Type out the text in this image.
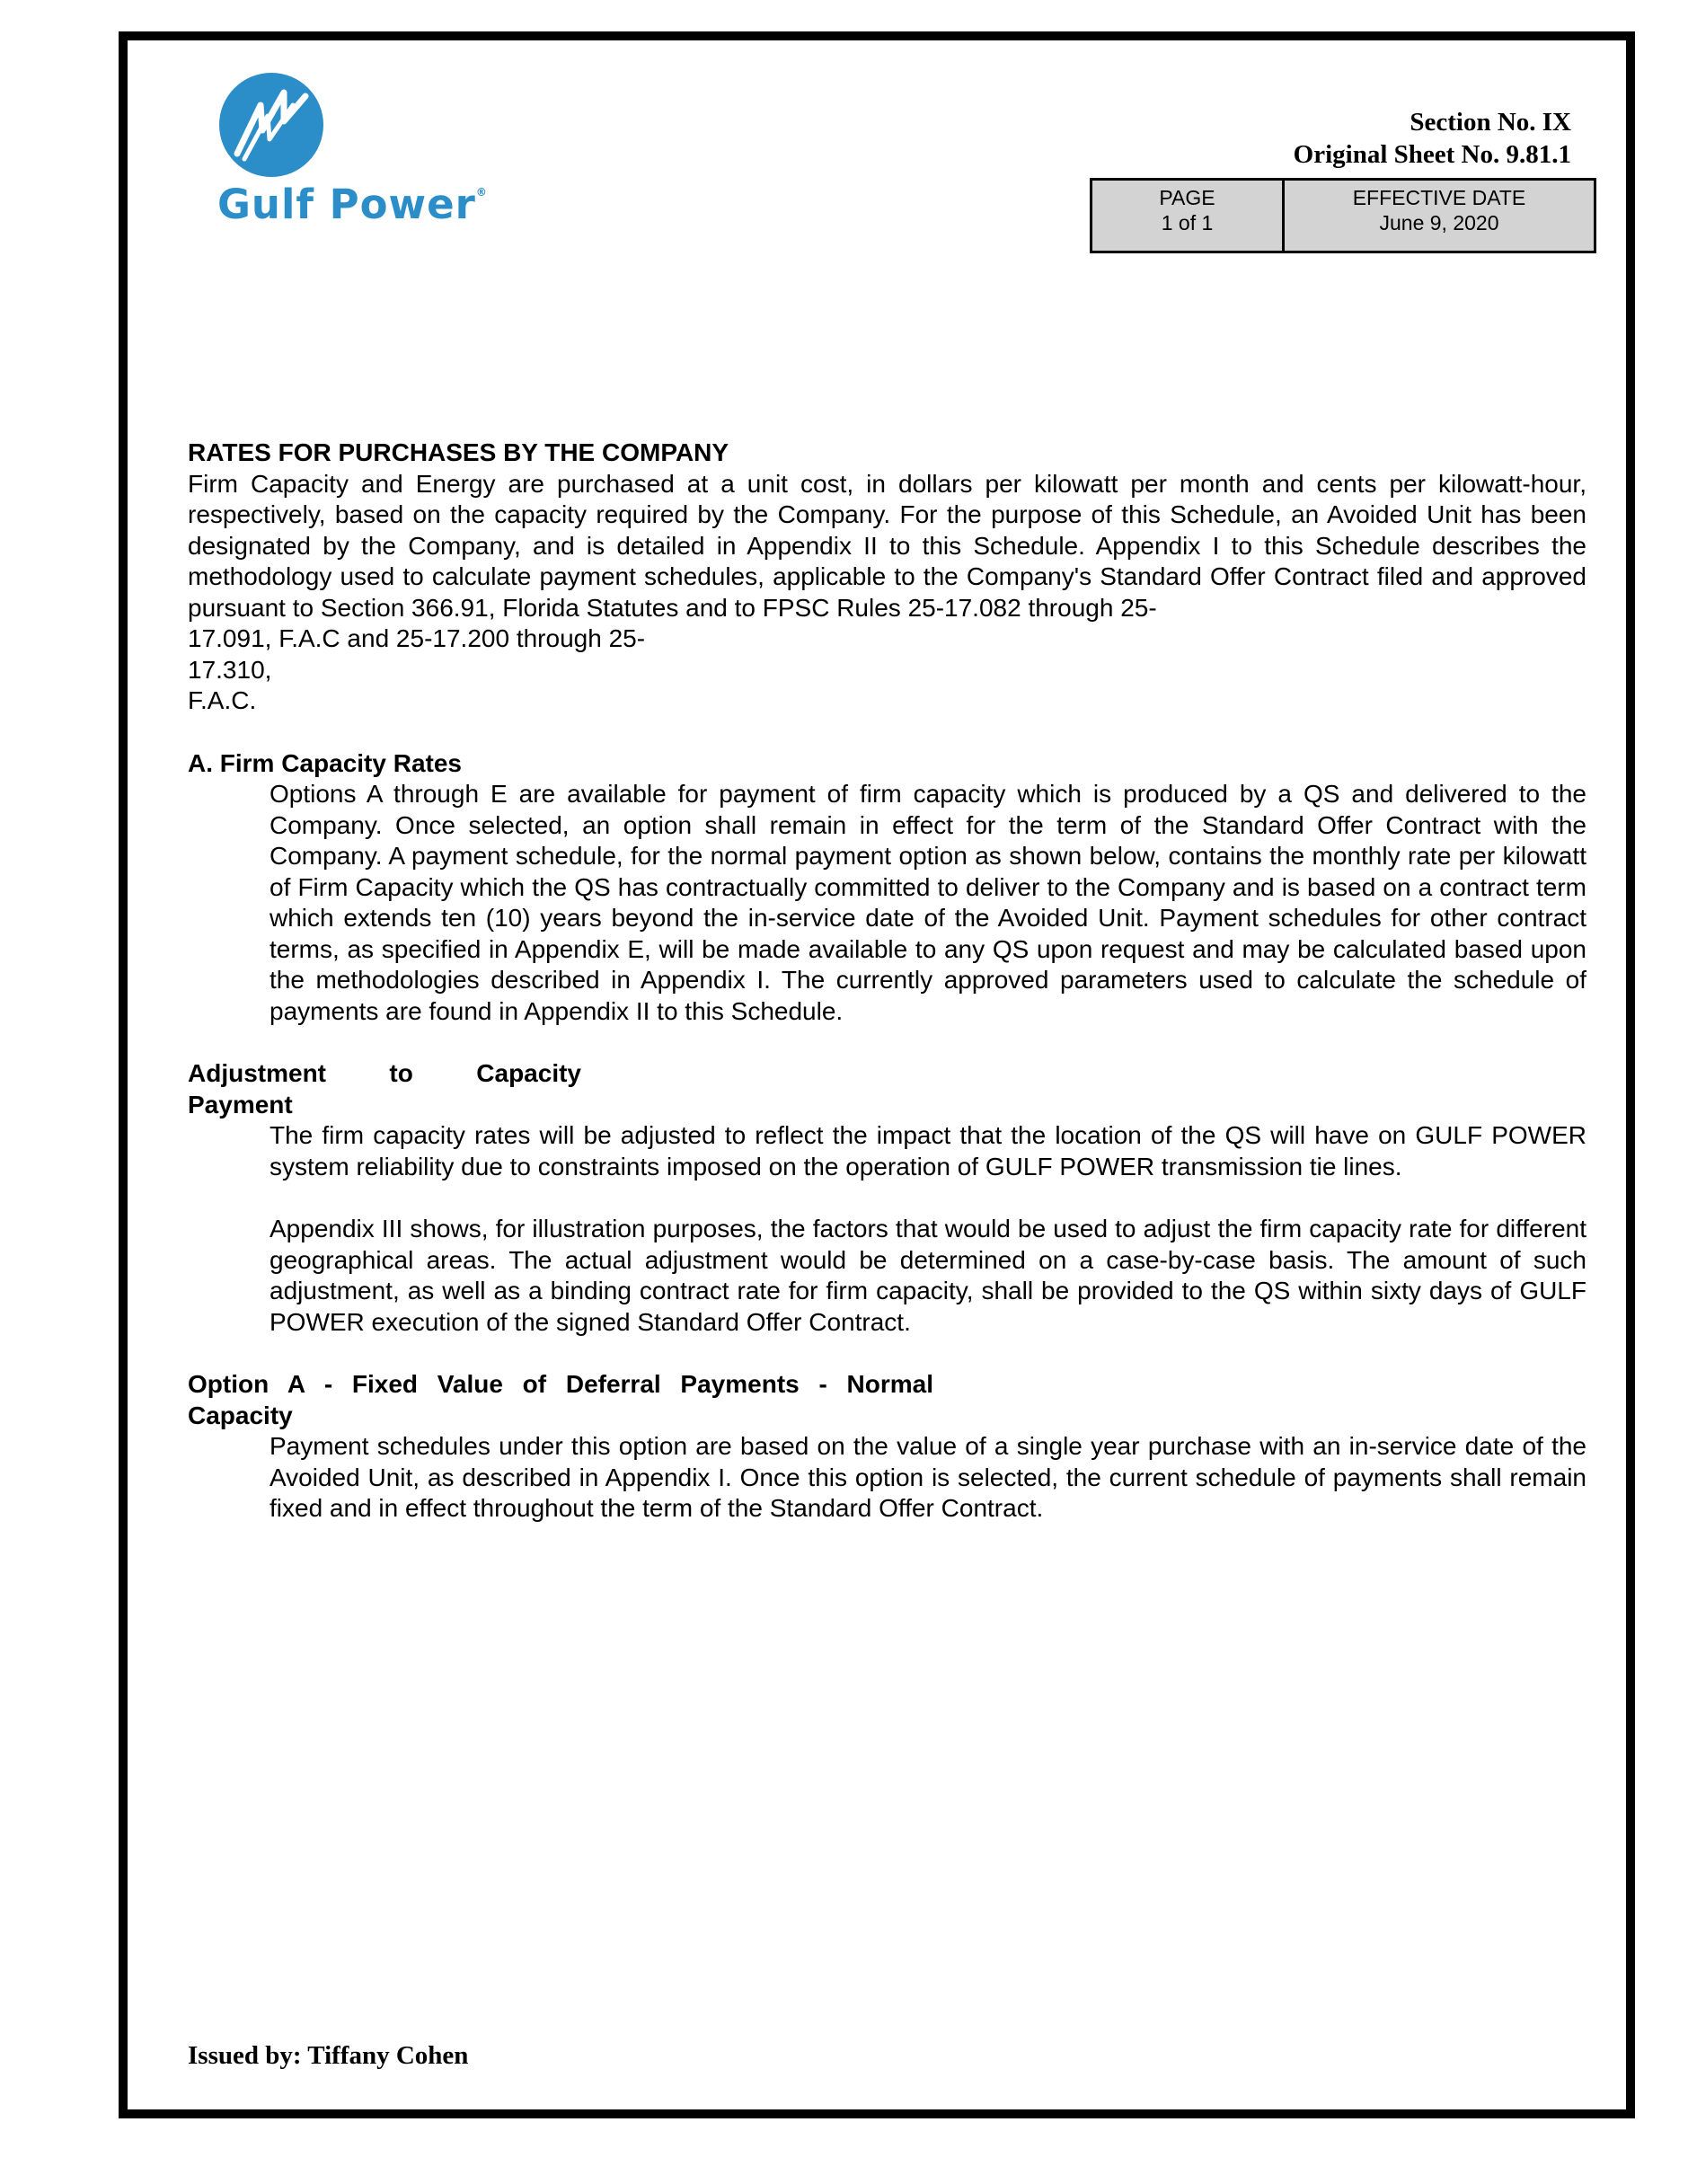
Gulf Power®
Section No. IX
Original Sheet No. 9.81.1
PAGE
1 of 1
EFFECTIVE DATE
June 9, 2020

RATES FOR PURCHASES BY THE COMPANY

Firm Capacity and Energy are purchased at a unit cost, in dollars per kilowatt per month and cents per kilowatt-hour, respectively, based on the capacity required by the Company. For the purpose of this Schedule, an Avoided Unit has been designated by the Company, and is detailed in Appendix II to this Schedule. Appendix I to this Schedule describes the methodology used to calculate payment schedules, applicable to the Company's Standard Offer Contract filed and approved pursuant to Section 366.91, Florida Statutes and to FPSC Rules 25-17.082 through 25-

17.091, F.A.C and 25-17.200 through 25-

17.310,

F.A.C.

A. Firm Capacity Rates

Options A through E are available for payment of firm capacity which is produced by a QS and delivered to the Company. Once selected, an option shall remain in effect for the term of the Standard Offer Contract with the Company. A payment schedule, for the normal payment option as shown below, contains the monthly rate per kilowatt of Firm Capacity which the QS has contractually committed to deliver to the Company and is based on a contract term which extends ten (10) years beyond the in-service date of the Avoided Unit. Payment schedules for other contract terms, as specified in Appendix E, will be made available to any QS upon request and may be calculated based upon the methodologies described in Appendix I. The currently approved parameters used to calculate the schedule of payments are found in Appendix II to this Schedule.

Adjustment to Capacity

Payment

The firm capacity rates will be adjusted to reflect the impact that the location of the QS will have on GULF POWER system reliability due to constraints imposed on the operation of GULF POWER transmission tie lines.

Appendix III shows, for illustration purposes, the factors that would be used to adjust the firm capacity rate for different geographical areas. The actual adjustment would be determined on a case-by-case basis. The amount of such adjustment, as well as a binding contract rate for firm capacity, shall be provided to the QS within sixty days of GULF POWER execution of the signed Standard Offer Contract.

Option A - Fixed Value of Deferral Payments - Normal

Capacity

Payment schedules under this option are based on the value of a single year purchase with an in-service date of the Avoided Unit, as described in Appendix I. Once this option is selected, the current schedule of payments shall remain fixed and in effect throughout the term of the Standard Offer Contract.

Issued by: Tiffany Cohen
